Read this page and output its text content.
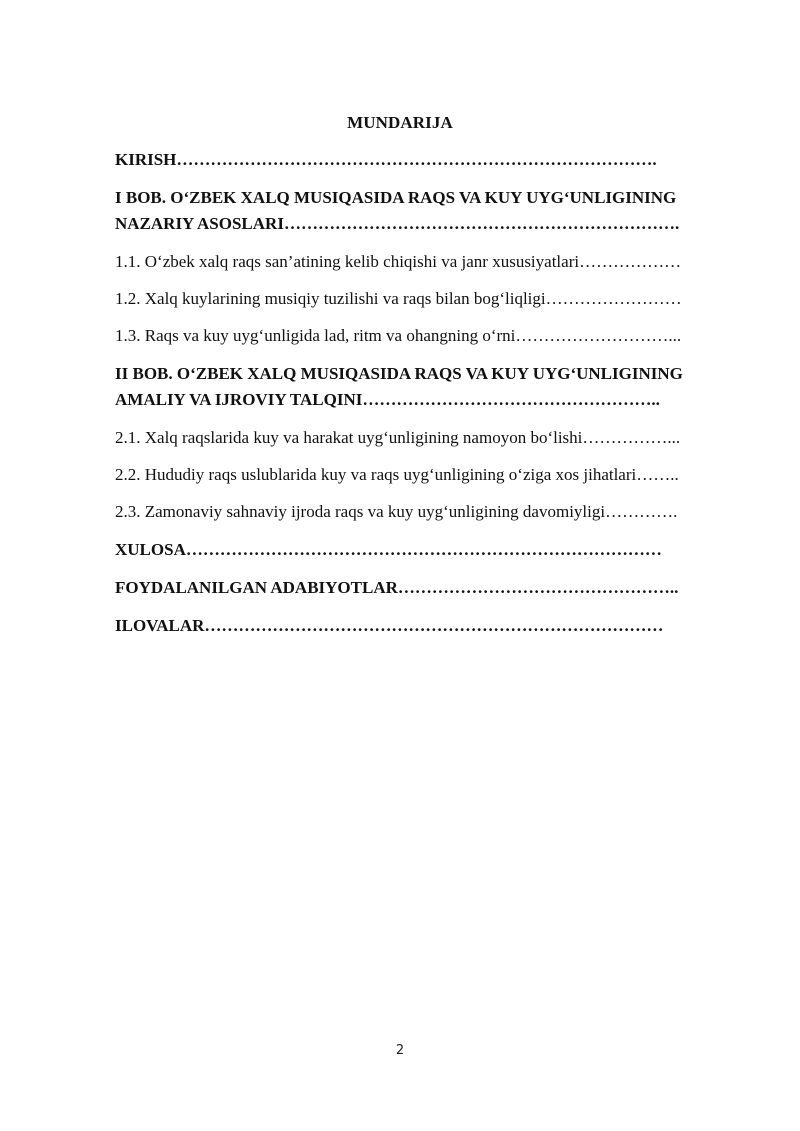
MUNDARIJA
KIRISH………………………………………………………………………….
I BOB. O‘ZBEK XALQ MUSIQASIDA RAQS VA KUY UYG‘UNLIGINING NAZARIY ASOSLARI…………………………………………………………….
1.1. O‘zbek xalq raqs san’atining kelib chiqishi va janr xususiyatlari………………
1.2. Xalq kuylarining musiqiy tuzilishi va raqs bilan bog‘liqligi……………………
1.3. Raqs va kuy uyg‘unligida lad, ritm va ohangning o‘rni………………………...
II BOB. O‘ZBEK XALQ MUSIQASIDA RAQS VA KUY UYG‘UNLIGINING AMALIY VA IJROVIY TALQINI……………………………………………..
2.1. Xalq raqslarida kuy va harakat uyg‘unligining namoyon bo‘lishi……………...
2.2. Hududiy raqs uslublarida kuy va raqs uyg‘unligining o‘ziga xos jihatlari……..
2.3. Zamonaviy sahnaviy ijroda raqs va kuy uyg‘unligining davomiyligi………….
XULOSA…………………………………………………………………………
FOYDALANILGAN ADABIYOTLAR…………………………………………..
ILOVALAR………………………………………………………………………
2
